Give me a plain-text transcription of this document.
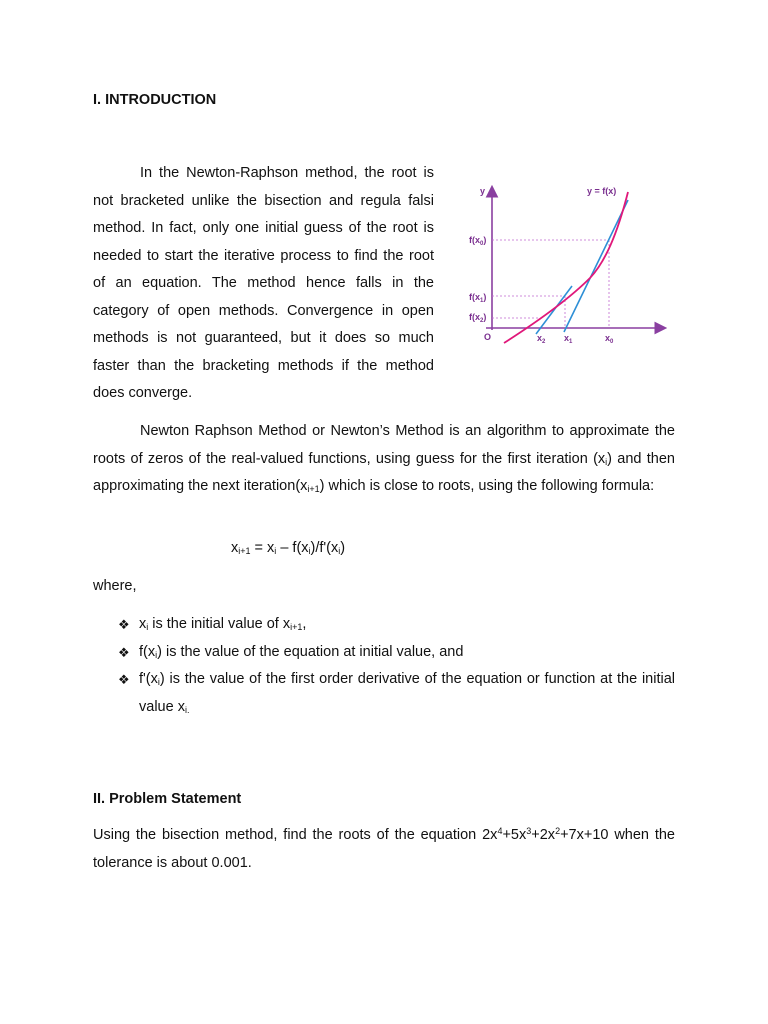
I. INTRODUCTION

In the Newton-Raphson method, the root is not bracketed unlike the bisection and regula falsi method. In fact, only one initial guess of the root is needed to start the iterative process to find the root of an equation. The method hence falls in the category of open methods. Convergence in open methods is not guaranteed, but it does so much faster than the bracketing methods if the method does converge.

y	y = f(x)
$f(x_0)$
$f(x_1)$
$f(x_2)$
O	$x_2$ $x_1$	$x_0$

Newton Raphson Method or Newton’s Method is an algorithm to approximate the roots of zeros of the real-valued functions, using guess for the first iteration $(x_i)$ and then approximating the next $iteration(x_{i+1})$ which is close to roots, using the following formula:

$x_{i+1} = x_i - f(x_i)/f'(x_i)$
where,
❖ $x_i$ is the initial value of $x_{i+1}$,
❖ $f(x_i)$ is the value of the equation at initial value, and
❖ $f'(x_i)$ is the value of the first order derivative of the equation or function at the initial value $x_{i.}$
II. Problem Statement

Using the bisection method, find the roots of the equation $2x^4+5x^3+2x^2+7x+10$ when the tolerance is about 0.001.
